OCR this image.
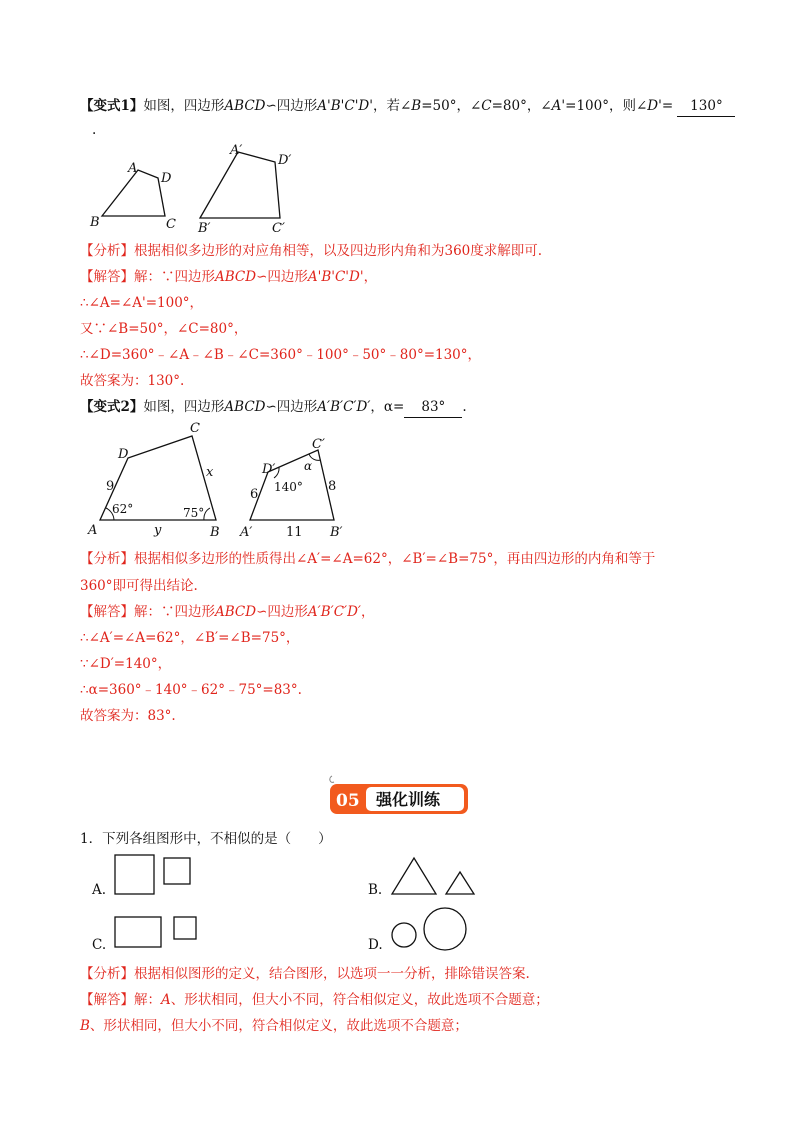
【变式1】如图，四边形ABCD∽四边形A'B'C'D'，若∠B=50°，∠C=80°，∠A'=100°，则∠D'= 130°
.
A
D
B	C
A′
D′
B′	C′
【分析】根据相似多边形的对应角相等，以及四边形内角和为360度求解即可.
【解答】解：∵四边形ABCD∽四边形A'B'C'D'，
∴∠A=∠A'=100°，
又∵∠B=50°，∠C=80°，
∴∠D=360°﹣∠A﹣∠B﹣∠C=360°﹣100°﹣50°﹣80°=130°，
故答案为：130°.
【变式2】如图，四边形ABCD∽四边形A′B′C′D′，α= 83° .
C
D
x
9
62°	75°
A	y	B
C′
D′ α
140°
6
8
A′	11 B′
【分析】根据相似多边形的性质得出∠A′=∠A=62°，∠B′=∠B=75°，再由四边形的内角和等于
360°即可得出结论.
【解答】解：∵四边形ABCD∽四边形A′B′C′D′，
∴∠A′=∠A=62°，∠B′=∠B=75°，
∵∠D′=140°，
∴α=360°﹣140°﹣62°﹣75°=83°.
故答案为：83°.
05 强化训练
1．下列各组图形中，不相似的是（　　）
A.	B.
C.	D.
【分析】根据相似图形的定义，结合图形，以选项一一分析，排除错误答案.
【解答】解：A、形状相同，但大小不同，符合相似定义，故此选项不合题意；
B、形状相同，但大小不同，符合相似定义，故此选项不合题意；
